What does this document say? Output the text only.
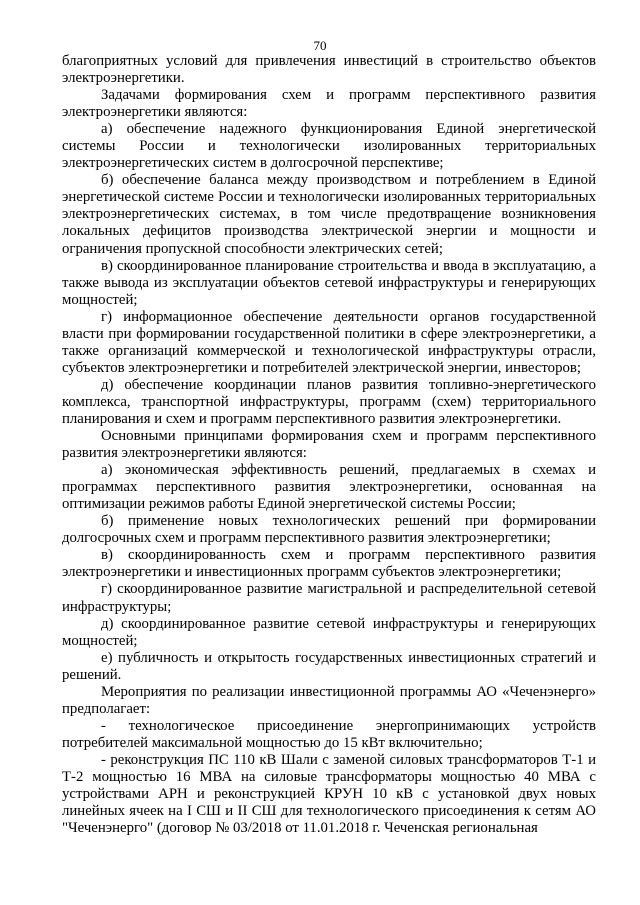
70

благоприятных условий для привлечения инвестиций в строительство объектов электроэнергетики.

Задачами формирования схем и программ перспективного развития электроэнергетики являются:

а) обеспечение надежного функционирования Единой энергетической системы России и технологически изолированных территориальных электроэнергетических систем в долгосрочной перспективе;

б) обеспечение баланса между производством и потреблением в Единой энергетической системе России и технологически изолированных территориальных электроэнергетических системах, в том числе предотвращение возникновения локальных дефицитов производства электрической энергии и мощности и ограничения пропускной способности электрических сетей;

в) скоординированное планирование строительства и ввода в эксплуатацию, а также вывода из эксплуатации объектов сетевой инфраструктуры и генерирующих мощностей;

г) информационное обеспечение деятельности органов государственной власти при формировании государственной политики в сфере электроэнергетики, а также организаций коммерческой и технологической инфраструктуры отрасли, субъектов электроэнергетики и потребителей электрической энергии, инвесторов;

д) обеспечение координации планов развития топливно-энергетического комплекса, транспортной инфраструктуры, программ (схем) территориального планирования и схем и программ перспективного развития электроэнергетики.

Основными принципами формирования схем и программ перспективного развития электроэнергетики являются:

а) экономическая эффективность решений, предлагаемых в схемах и программах перспективного развития электроэнергетики, основанная на оптимизации режимов работы Единой энергетической системы России;

б) применение новых технологических решений при формировании долгосрочных схем и программ перспективного развития электроэнергетики;

в) скоординированность схем и программ перспективного развития электроэнергетики и инвестиционных программ субъектов электроэнергетики;

г) скоординированное развитие магистральной и распределительной сетевой инфраструктуры;

д) скоординированное развитие сетевой инфраструктуры и генерирующих мощностей;

е) публичность и открытость государственных инвестиционных стратегий и решений.

Мероприятия по реализации инвестиционной программы АО «Чеченэнерго» предполагает:

- технологическое присоединение энергопринимающих устройств потребителей максимальной мощностью до 15 кВт включительно;

- реконструкция ПС 110 кВ Шали с заменой силовых трансформаторов Т-1 и Т-2 мощностью 16 МВА на силовые трансформаторы мощностью 40 МВА с устройствами АРН и реконструкцией КРУН 10 кВ с установкой двух новых линейных ячеек на I СШ и II СШ для технологического присоединения к сетям АО "Чеченэнерго" (договор № 03/2018 от 11.01.2018 г. Чеченская региональная
